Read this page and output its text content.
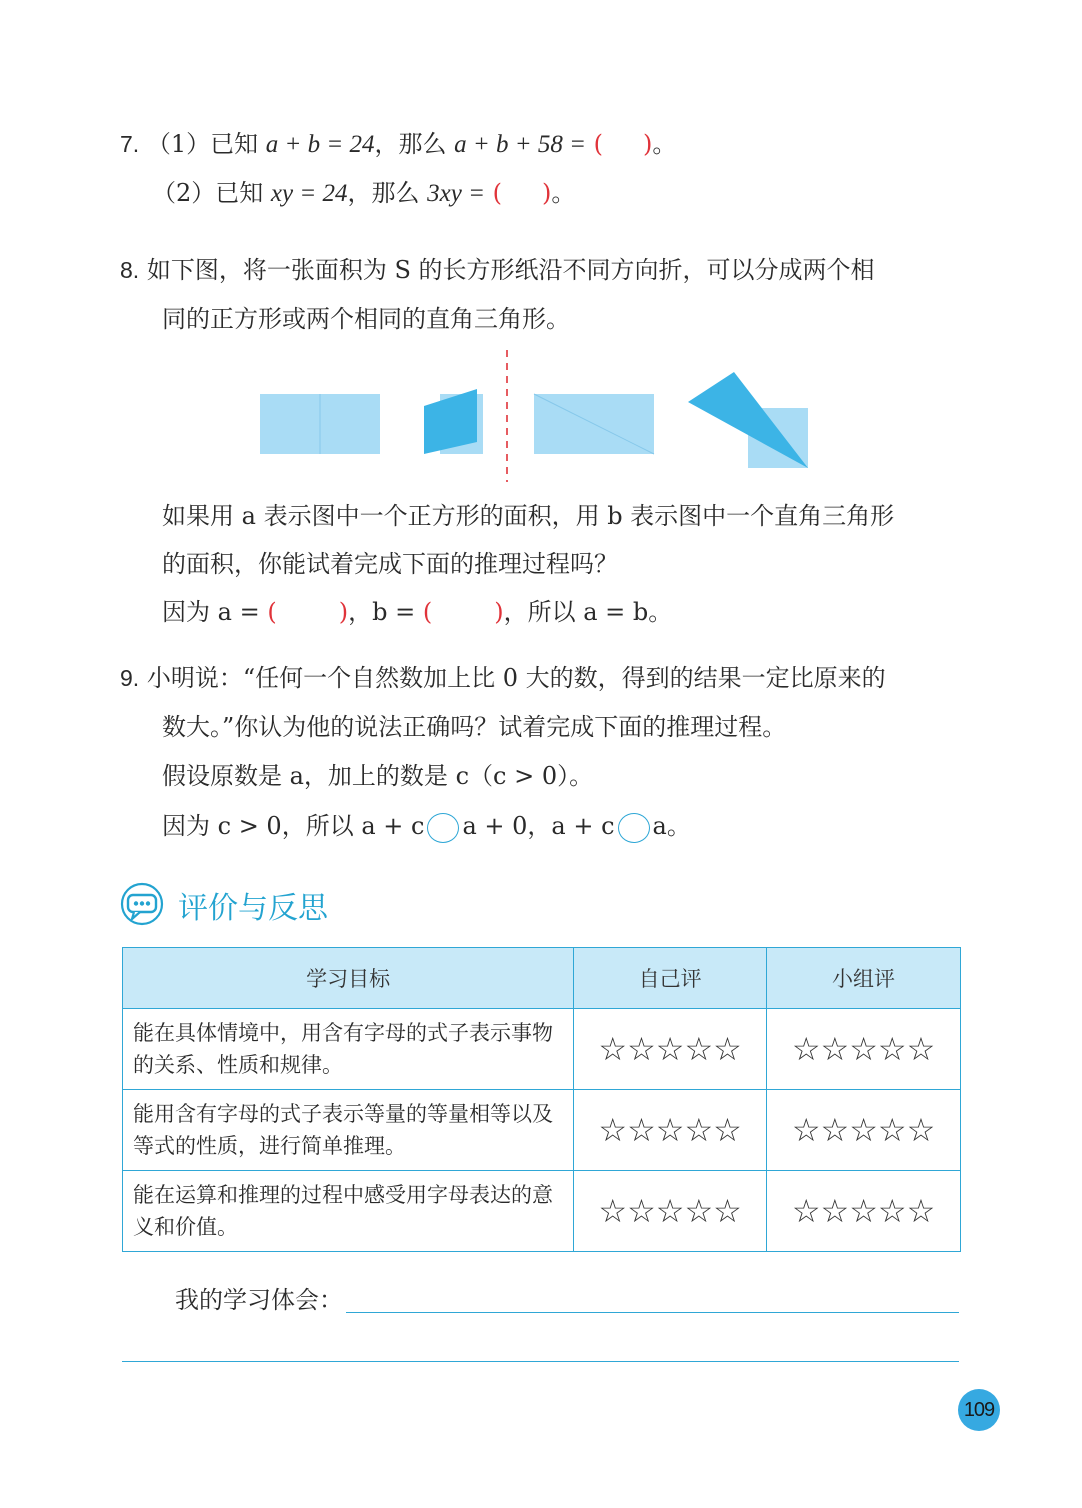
7. （1）已知 a + b = 24，那么 a + b + 58 = ( )。
（2）已知 xy = 24，那么 3xy = ( )。
8. 如下图，将一张面积为 S 的长方形纸沿不同方向折，可以分成两个相
同的正方形或两个相同的直角三角形。
如果用 a 表示图中一个正方形的面积，用 b 表示图中一个直角三角形
的面积，你能试着完成下面的推理过程吗？
因为 a = (	)，b = (	)，所以 a = b。
9. 小明说：“任何一个自然数加上比 0 大的数，得到的结果一定比原来的
数大。”你认为他的说法正确吗？试着完成下面的推理过程。
假设原数是 a，加上的数是 c（c > 0）。
因为 c > 0，所以 a + c a + 0，a + c a。
评价与反思
学习目标	自己评	小组评
能在具体情境中，用含有字母的式子表示事物的关系、性质和规律。	☆☆☆☆☆	☆☆☆☆☆
能用含有字母的式子表示等量的等量相等以及等式的性质，进行简单推理。	☆☆☆☆☆	☆☆☆☆☆
能在运算和推理的过程中感受用字母表达的意义和价值。	☆☆☆☆☆	☆☆☆☆☆
我的学习体会：
109
